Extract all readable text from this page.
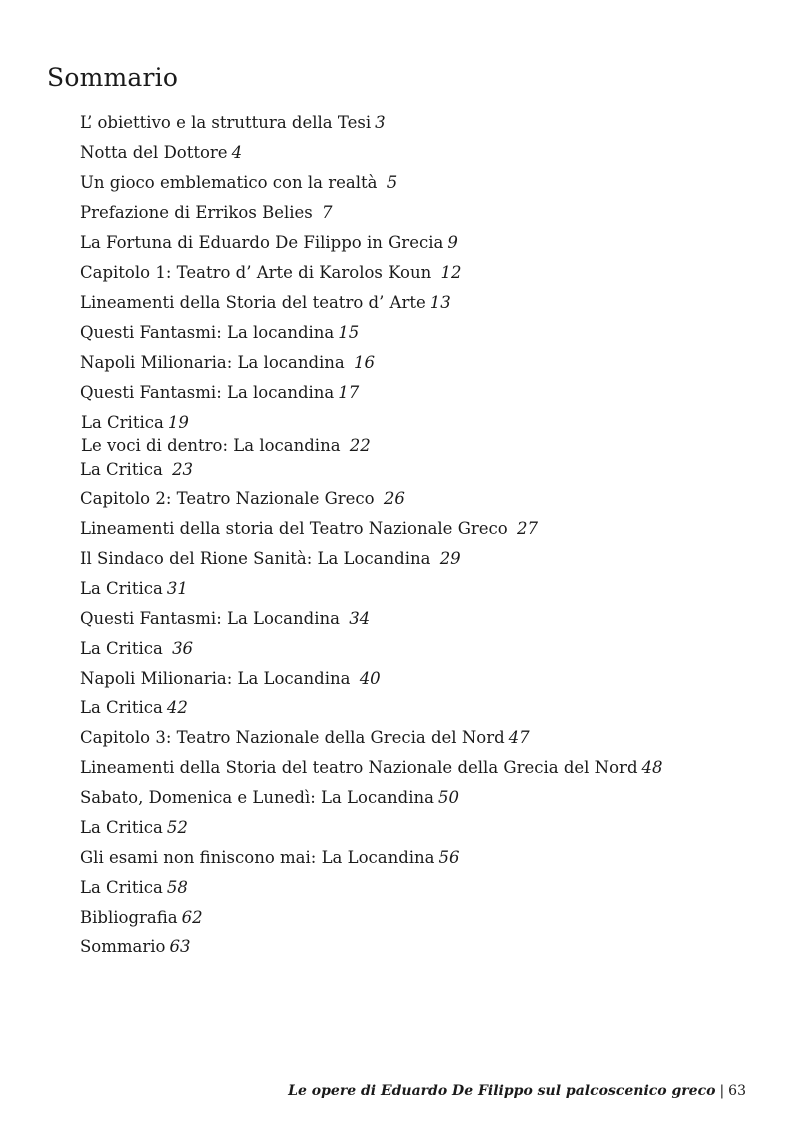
Sommario
L’ obiettivo e la struttura della Tesi 3
Notta del Dottore 4
Un gioco emblematico con la realtà 5
Prefazione di Errikos Belies 7
La Fortuna di Eduardo De Filippo in Grecia 9
Capitolo 1: Teatro d’ Arte di Karolos Koun 12
Lineamenti della Storia del teatro d’ Arte 13
Questi Fantasmi: La locandina 15
Napoli Milionaria: La locandina 16
Questi Fantasmi: La locandina 17
La Critica 19
Le voci di dentro: La locandina 22
La Critica 23
Capitolo 2: Teatro Nazionale Greco 26
Lineamenti della storia del Teatro Nazionale Greco 27
Il Sindaco del Rione Sanità: La Locandina 29
La Critica 31
Questi Fantasmi: La Locandina 34
La Critica 36
Napoli Milionaria: La Locandina 40
La Critica 42
Capitolo 3: Teatro Nazionale della Grecia del Nord 47
Lineamenti della Storia del teatro Nazionale della Grecia del Nord 48
Sabato, Domenica e Lunedì: La Locandina 50
La Critica 52
Gli esami non finiscono mai: La Locandina 56
La Critica 58
Bibliografia 62
Sommario 63
Le opere di Eduardo De Filippo sul palcoscenico greco | 63
